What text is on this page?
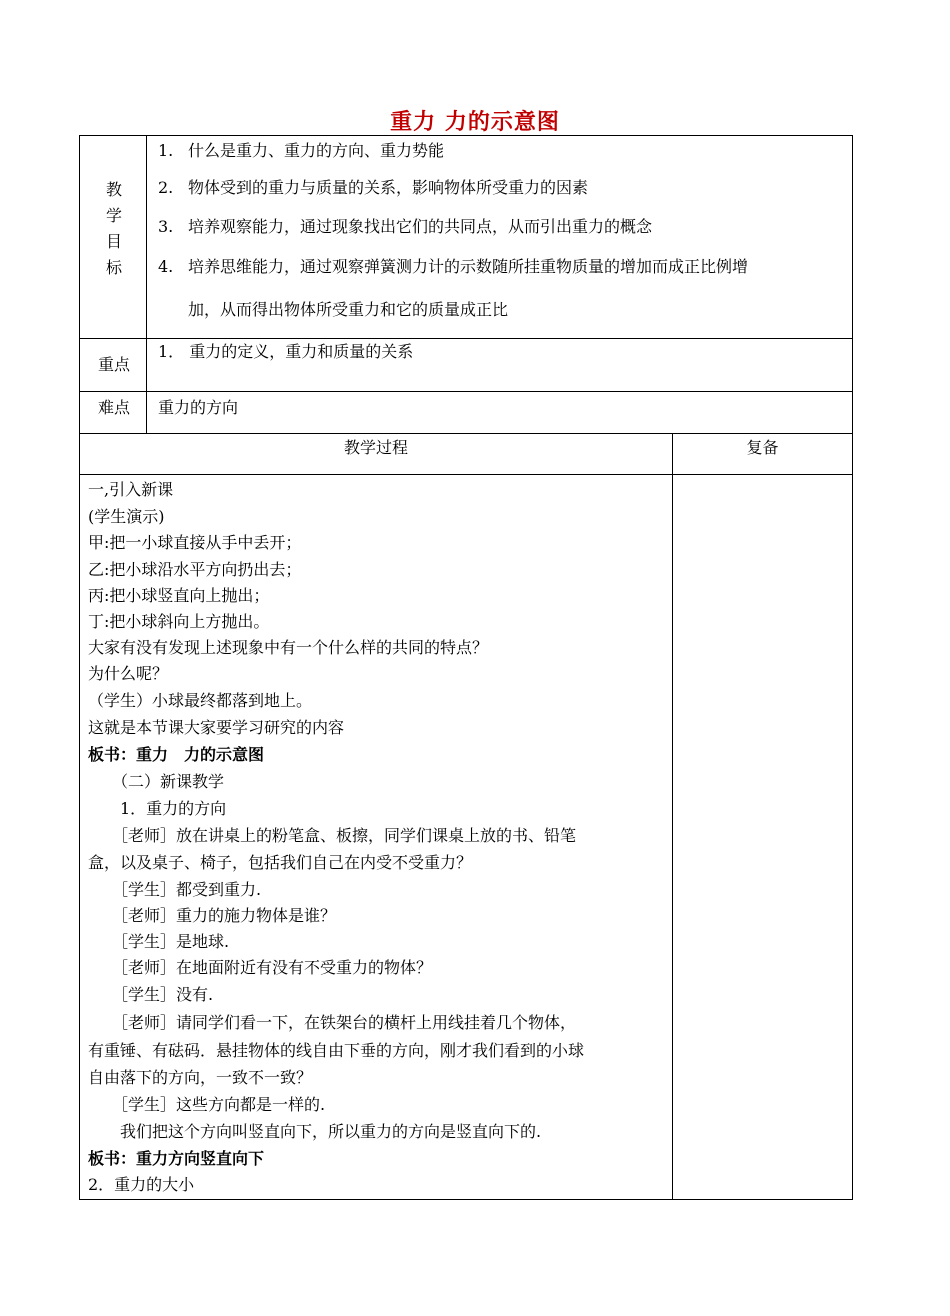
重力 力的示意图
教
学
目
标
1. 什么是重力、重力的方向、重力势能
2. 物体受到的重力与质量的关系，影响物体所受重力的因素
3. 培养观察能力，通过现象找出它们的共同点，从而引出重力的概念
4. 培养思维能力，通过观察弹簧测力计的示数随所挂重物质量的增加而成正比例增
加，从而得出物体所受重力和它的质量成正比
重点
1． 重力的定义，重力和质量的关系
难点	重力的方向
教学过程	复备
一,引入新课
(学生演示)
甲:把一小球直接从手中丢开；
乙:把小球沿水平方向扔出去；
丙:把小球竖直向上抛出；
丁:把小球斜向上方抛出。
大家有没有发现上述现象中有一个什么样的共同的特点？
为什么呢？
（学生）小球最终都落到地上。
这就是本节课大家要学习研究的内容
板书：重力　力的示意图
　　（二）新课教学
　　1．重力的方向
　　［老师］放在讲桌上的粉笔盒、板擦，同学们课桌上放的书、铅笔
盒，以及桌子、椅子，包括我们自己在内受不受重力？
　　［学生］都受到重力.
　　［老师］重力的施力物体是谁？
　　［学生］是地球.
　　［老师］在地面附近有没有不受重力的物体？
　　［学生］没有.
　　［老师］请同学们看一下，在铁架台的横杆上用线挂着几个物体，
有重锤、有砝码．悬挂物体的线自由下垂的方向，刚才我们看到的小球
自由落下的方向，一致不一致？
　　［学生］这些方向都是一样的.
　　我们把这个方向叫竖直向下，所以重力的方向是竖直向下的.
板书：重力方向竖直向下
2．重力的大小
